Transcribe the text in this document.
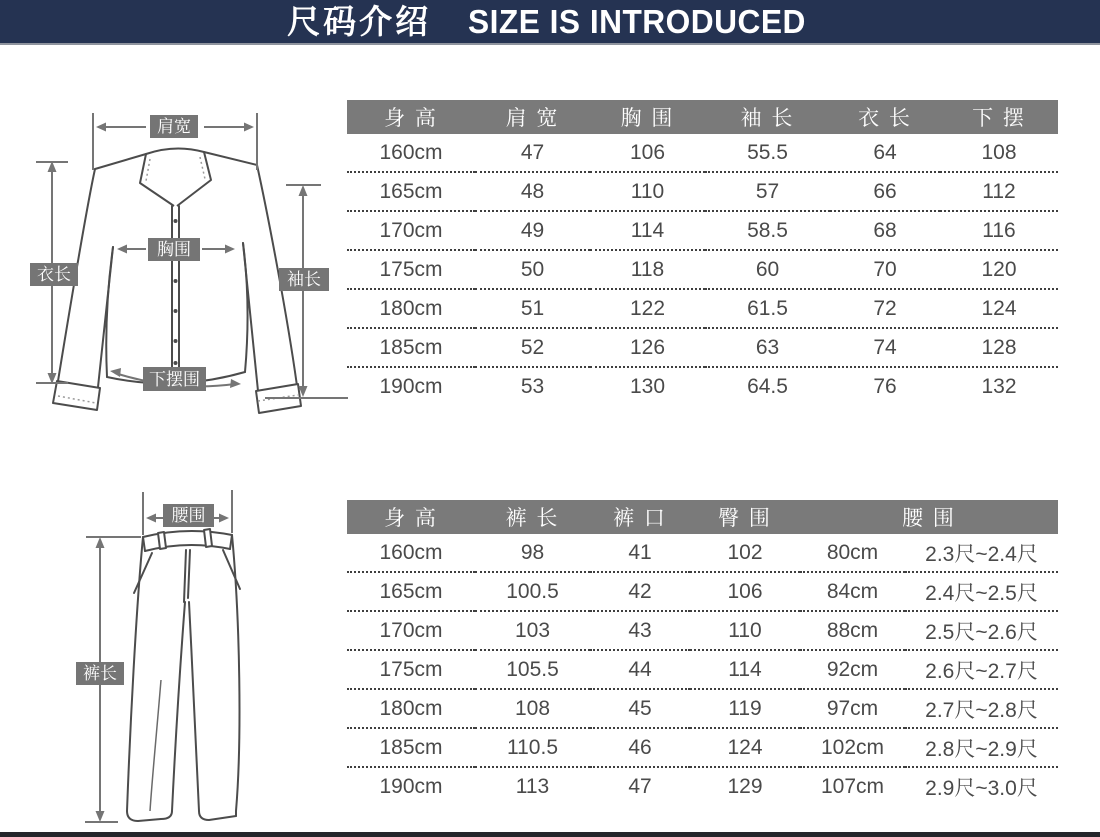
尺码介绍 SIZE IS INTRODUCED
肩宽
胸围
衣长	袖长
下摆围
腰围
裤长
身 高	肩 宽	胸 围	袖 长	衣 长	下 摆
160cm	47	106	55.5	64	108
165cm	48	110	57	66	112
170cm	49	114	58.5	68	116
175cm	50	118	60	70	120
180cm	51	122	61.5	72	124
185cm	52	126	63	74	128
190cm	53	130	64.5	76	132
身 高	裤 长	裤 口	臀 围	腰 围	
160cm	98	41	102	80cm	2.3尺~2.4尺
165cm	100.5	42	106	84cm	2.4尺~2.5尺
170cm	103	43	110	88cm	2.5尺~2.6尺
175cm	105.5	44	114	92cm	2.6尺~2.7尺
180cm	108	45	119	97cm	2.7尺~2.8尺
185cm	110.5	46	124	102cm	2.8尺~2.9尺
190cm	113	47	129	107cm	2.9尺~3.0尺
